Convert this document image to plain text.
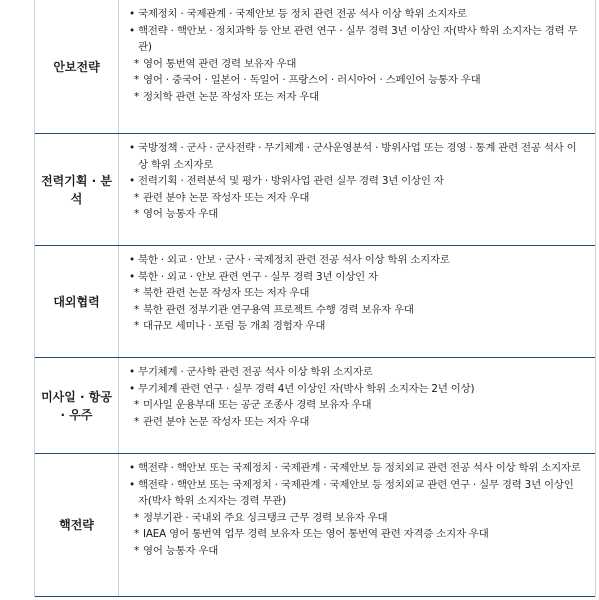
안보전략
• 국제정치 · 국제관계 · 국제안보 등 정치 관련 전공 석사 이상 학위 소지자로
• 핵전략 · 핵안보 · 정치과학 등 안보 관련 연구 · 실무 경력 3년 이상인 자(박사 학위 소지자는 경력 무관)
* 영어 통번역 관련 경력 보유자 우대
* 영어 · 중국어 · 일본어 · 독일어 · 프랑스어 · 러시아어 · 스페인어 능통자 우대
* 정치학 관련 논문 작성자 또는 저자 우대
전력기획 · 분석
• 국방정책 · 군사 · 군사전략 · 무기체계 · 군사운영분석 · 방위사업 또는 경영 · 통계 관련 전공 석사 이상 학위 소지자로
• 전력기획 · 전력분석 및 평가 · 방위사업 관련 실무 경력 3년 이상인 자
* 관련 분야 논문 작성자 또는 저자 우대
* 영어 능통자 우대
대외협력
• 북한 · 외교 · 안보 · 군사 · 국제정치 관련 전공 석사 이상 학위 소지자로
• 북한 · 외교 · 안보 관련 연구 · 실무 경력 3년 이상인 자
* 북한 관련 논문 작성자 또는 저자 우대
* 북한 관련 정부기관 연구용역 프로젝트 수행 경력 보유자 우대
* 대규모 세미나 · 포럼 등 개최 경험자 우대
미사일 · 항공 · 우주
• 무기체계 · 군사학 관련 전공 석사 이상 학위 소지자로
• 무기체계 관련 연구 · 실무 경력 4년 이상인 자(박사 학위 소지자는 2년 이상)
* 미사일 운용부대 또는 공군 조종사 경력 보유자 우대
* 관련 분야 논문 작성자 또는 저자 우대
핵전략
• 핵전략 · 핵안보 또는 국제정치 · 국제관계 · 국제안보 등 정치외교 관련 전공 석사 이상 학위 소지자로
• 핵전략 · 핵안보 또는 국제정치 · 국제관계 · 국제안보 등 정치외교 관련 연구 · 실무 경력 3년 이상인 자(박사 학위 소지자는 경력 무관)
* 정부기관 · 국내외 주요 싱크탱크 근무 경력 보유자 우대
* IAEA 영어 통번역 업무 경력 보유자 또는 영어 통번역 관련 자격증 소지자 우대
* 영어 능통자 우대
